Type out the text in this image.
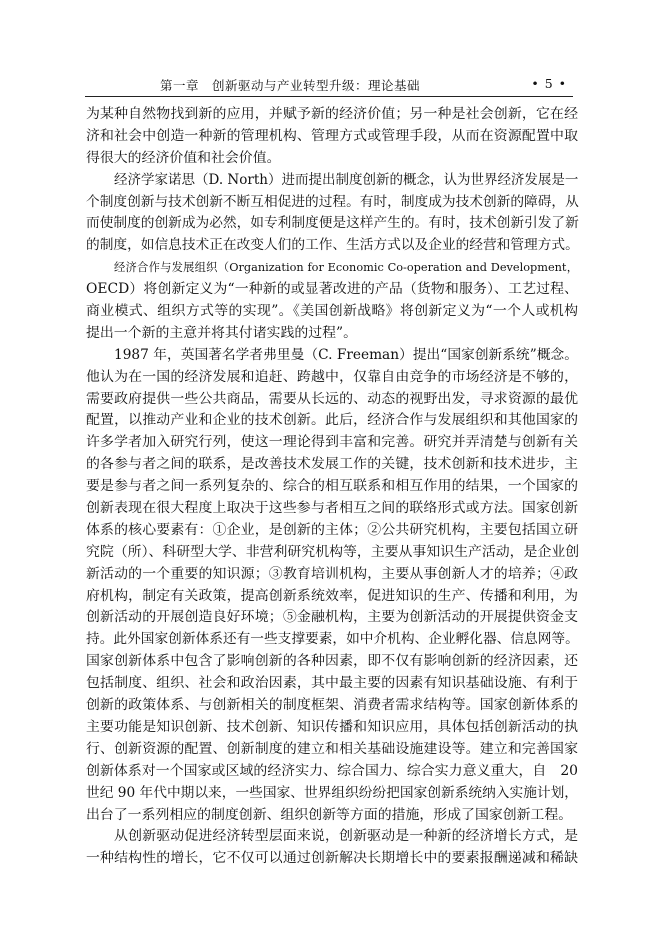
第一章　创新驱动与产业转型升级：理论基础	• 5 •
为某种自然物找到新的应用，并赋予新的经济价值；另一种是社会创新，它在经
济和社会中创造一种新的管理机构、管理方式或管理手段，从而在资源配置中取
得很大的经济价值和社会价值。
经济学家诺思（D. North）进而提出制度创新的概念，认为世界经济发展是一
个制度创新与技术创新不断互相促进的过程。有时，制度成为技术创新的障碍，从
而使制度的创新成为必然，如专利制度便是这样产生的。有时，技术创新引发了新
的制度，如信息技术正在改变人们的工作、生活方式以及企业的经营和管理方式。
经济合作与发展组织（Organization for Economic Co-operation and Development，
OECD）将创新定义为“一种新的或显著改进的产品（货物和服务）、工艺过程、
商业模式、组织方式等的实现”。《美国创新战略》将创新定义为“一个人或机构
提出一个新的主意并将其付诸实践的过程”。
1987 年，英国著名学者弗里曼（C. Freeman）提出“国家创新系统”概念。
他认为在一国的经济发展和追赶、跨越中，仅靠自由竞争的市场经济是不够的，
需要政府提供一些公共商品，需要从长远的、动态的视野出发，寻求资源的最优
配置，以推动产业和企业的技术创新。此后，经济合作与发展组织和其他国家的
许多学者加入研究行列，使这一理论得到丰富和完善。研究并弄清楚与创新有关
的各参与者之间的联系，是改善技术发展工作的关键，技术创新和技术进步，主
要是参与者之间一系列复杂的、综合的相互联系和相互作用的结果，一个国家的
创新表现在很大程度上取决于这些参与者相互之间的联络形式或方法。国家创新
体系的核心要素有：①企业，是创新的主体；②公共研究机构，主要包括国立研
究院（所）、科研型大学、非营利研究机构等，主要从事知识生产活动，是企业创
新活动的一个重要的知识源；③教育培训机构，主要从事创新人才的培养；④政
府机构，制定有关政策，提高创新系统效率，促进知识的生产、传播和利用，为
创新活动的开展创造良好环境；⑤金融机构，主要为创新活动的开展提供资金支
持。此外国家创新体系还有一些支撑要素，如中介机构、企业孵化器、信息网等。
国家创新体系中包含了影响创新的各种因素，即不仅有影响创新的经济因素，还
包括制度、组织、社会和政治因素，其中最主要的因素有知识基础设施、有利于
创新的政策体系、与创新相关的制度框架、消费者需求结构等。国家创新体系的
主要功能是知识创新、技术创新、知识传播和知识应用，具体包括创新活动的执
行、创新资源的配置、创新制度的建立和相关基础设施建设等。建立和完善国家
创新体系对一个国家或区域的经济实力、综合国力、综合实力意义重大，自　20
世纪 90 年代中期以来，一些国家、世界组织纷纷把国家创新系统纳入实施计划，
出台了一系列相应的制度创新、组织创新等方面的措施，形成了国家创新工程。
从创新驱动促进经济转型层面来说，创新驱动是一种新的经济增长方式，是
一种结构性的增长，它不仅可以通过创新解决长期增长中的要素报酬递减和稀缺
